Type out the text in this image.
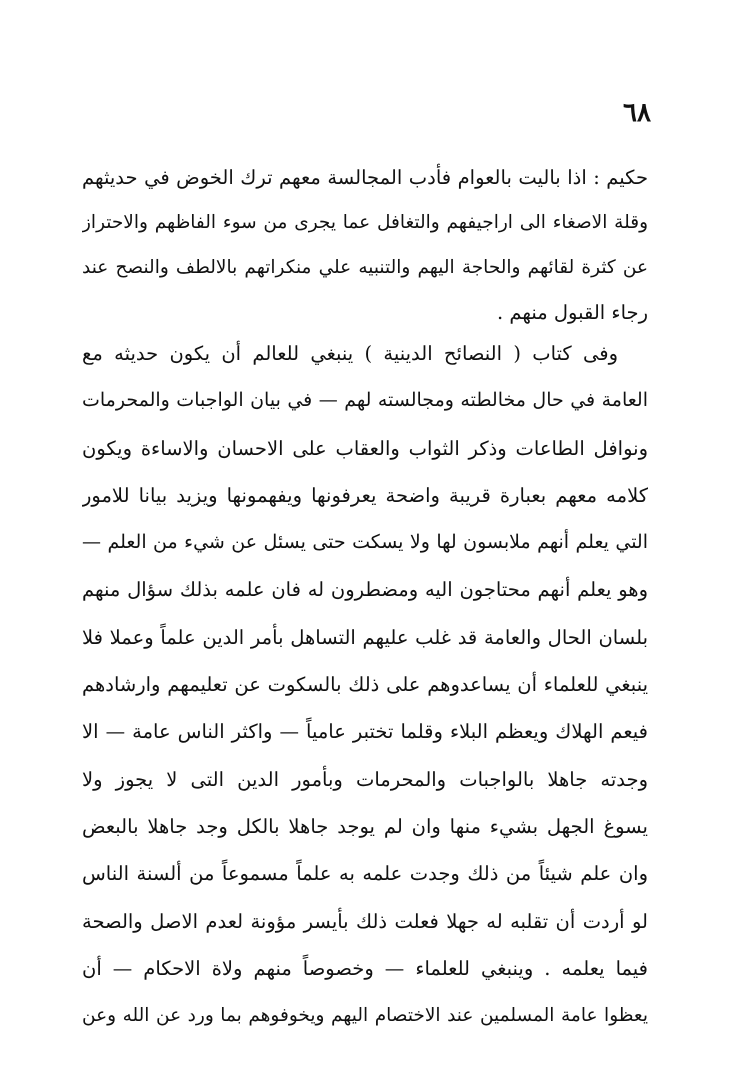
٦٨
حكيم : اذا باليت بالعوام فأدب المجالسة معهم ترك الخوض في حديثهم
وقلة الاصغاء الى اراجيفهم والتغافل عما يجرى من سوء الفاظهم والاحتراز
عن كثرة لقائهم والحاجة اليهم والتنبيه علي منكراتهم بالالطف والنصح عند
رجاء القبول منهم .
وفى كتاب ( النصائح الدينية ) ينبغي للعالم أن يكون حديثه مع
العامة في حال مخالطته ومجالسته لهم — في بيان الواجبات والمحرمات
ونوافل الطاعات وذكر الثواب والعقاب على الاحسان والاساءة ويكون
كلامه معهم بعبارة قريبة واضحة يعرفونها ويفهمونها ويزيد بيانا للامور
التي يعلم أنهم ملابسون لها ولا يسكت حتى يسئل عن شيء من العلم —
وهو يعلم أنهم محتاجون اليه ومضطرون له فان علمه بذلك سؤال منهم
بلسان الحال والعامة قد غلب عليهم التساهل بأمر الدين علماً وعملا فلا
ينبغي للعلماء أن يساعدوهم على ذلك بالسكوت عن تعليمهم وارشادهم
فيعم الهلاك ويعظم البلاء وقلما تختبر عامياً — واكثر الناس عامة — الا
وجدته جاهلا بالواجبات والمحرمات وبأمور الدين التى لا يجوز ولا
يسوغ الجهل بشيء منها وان لم يوجد جاهلا بالكل وجد جاهلا بالبعض
وان علم شيئاً من ذلك وجدت علمه به علماً مسموعاً من ألسنة الناس
لو أردت أن تقلبه له جهلا فعلت ذلك بأيسر مؤونة لعدم الاصل والصحة
فيما يعلمه . وينبغي للعلماء — وخصوصاً منهم ولاة الاحكام — أن
يعظوا عامة المسلمين عند الاختصام اليهم ويخوفوهم بما ورد عن الله وعن
